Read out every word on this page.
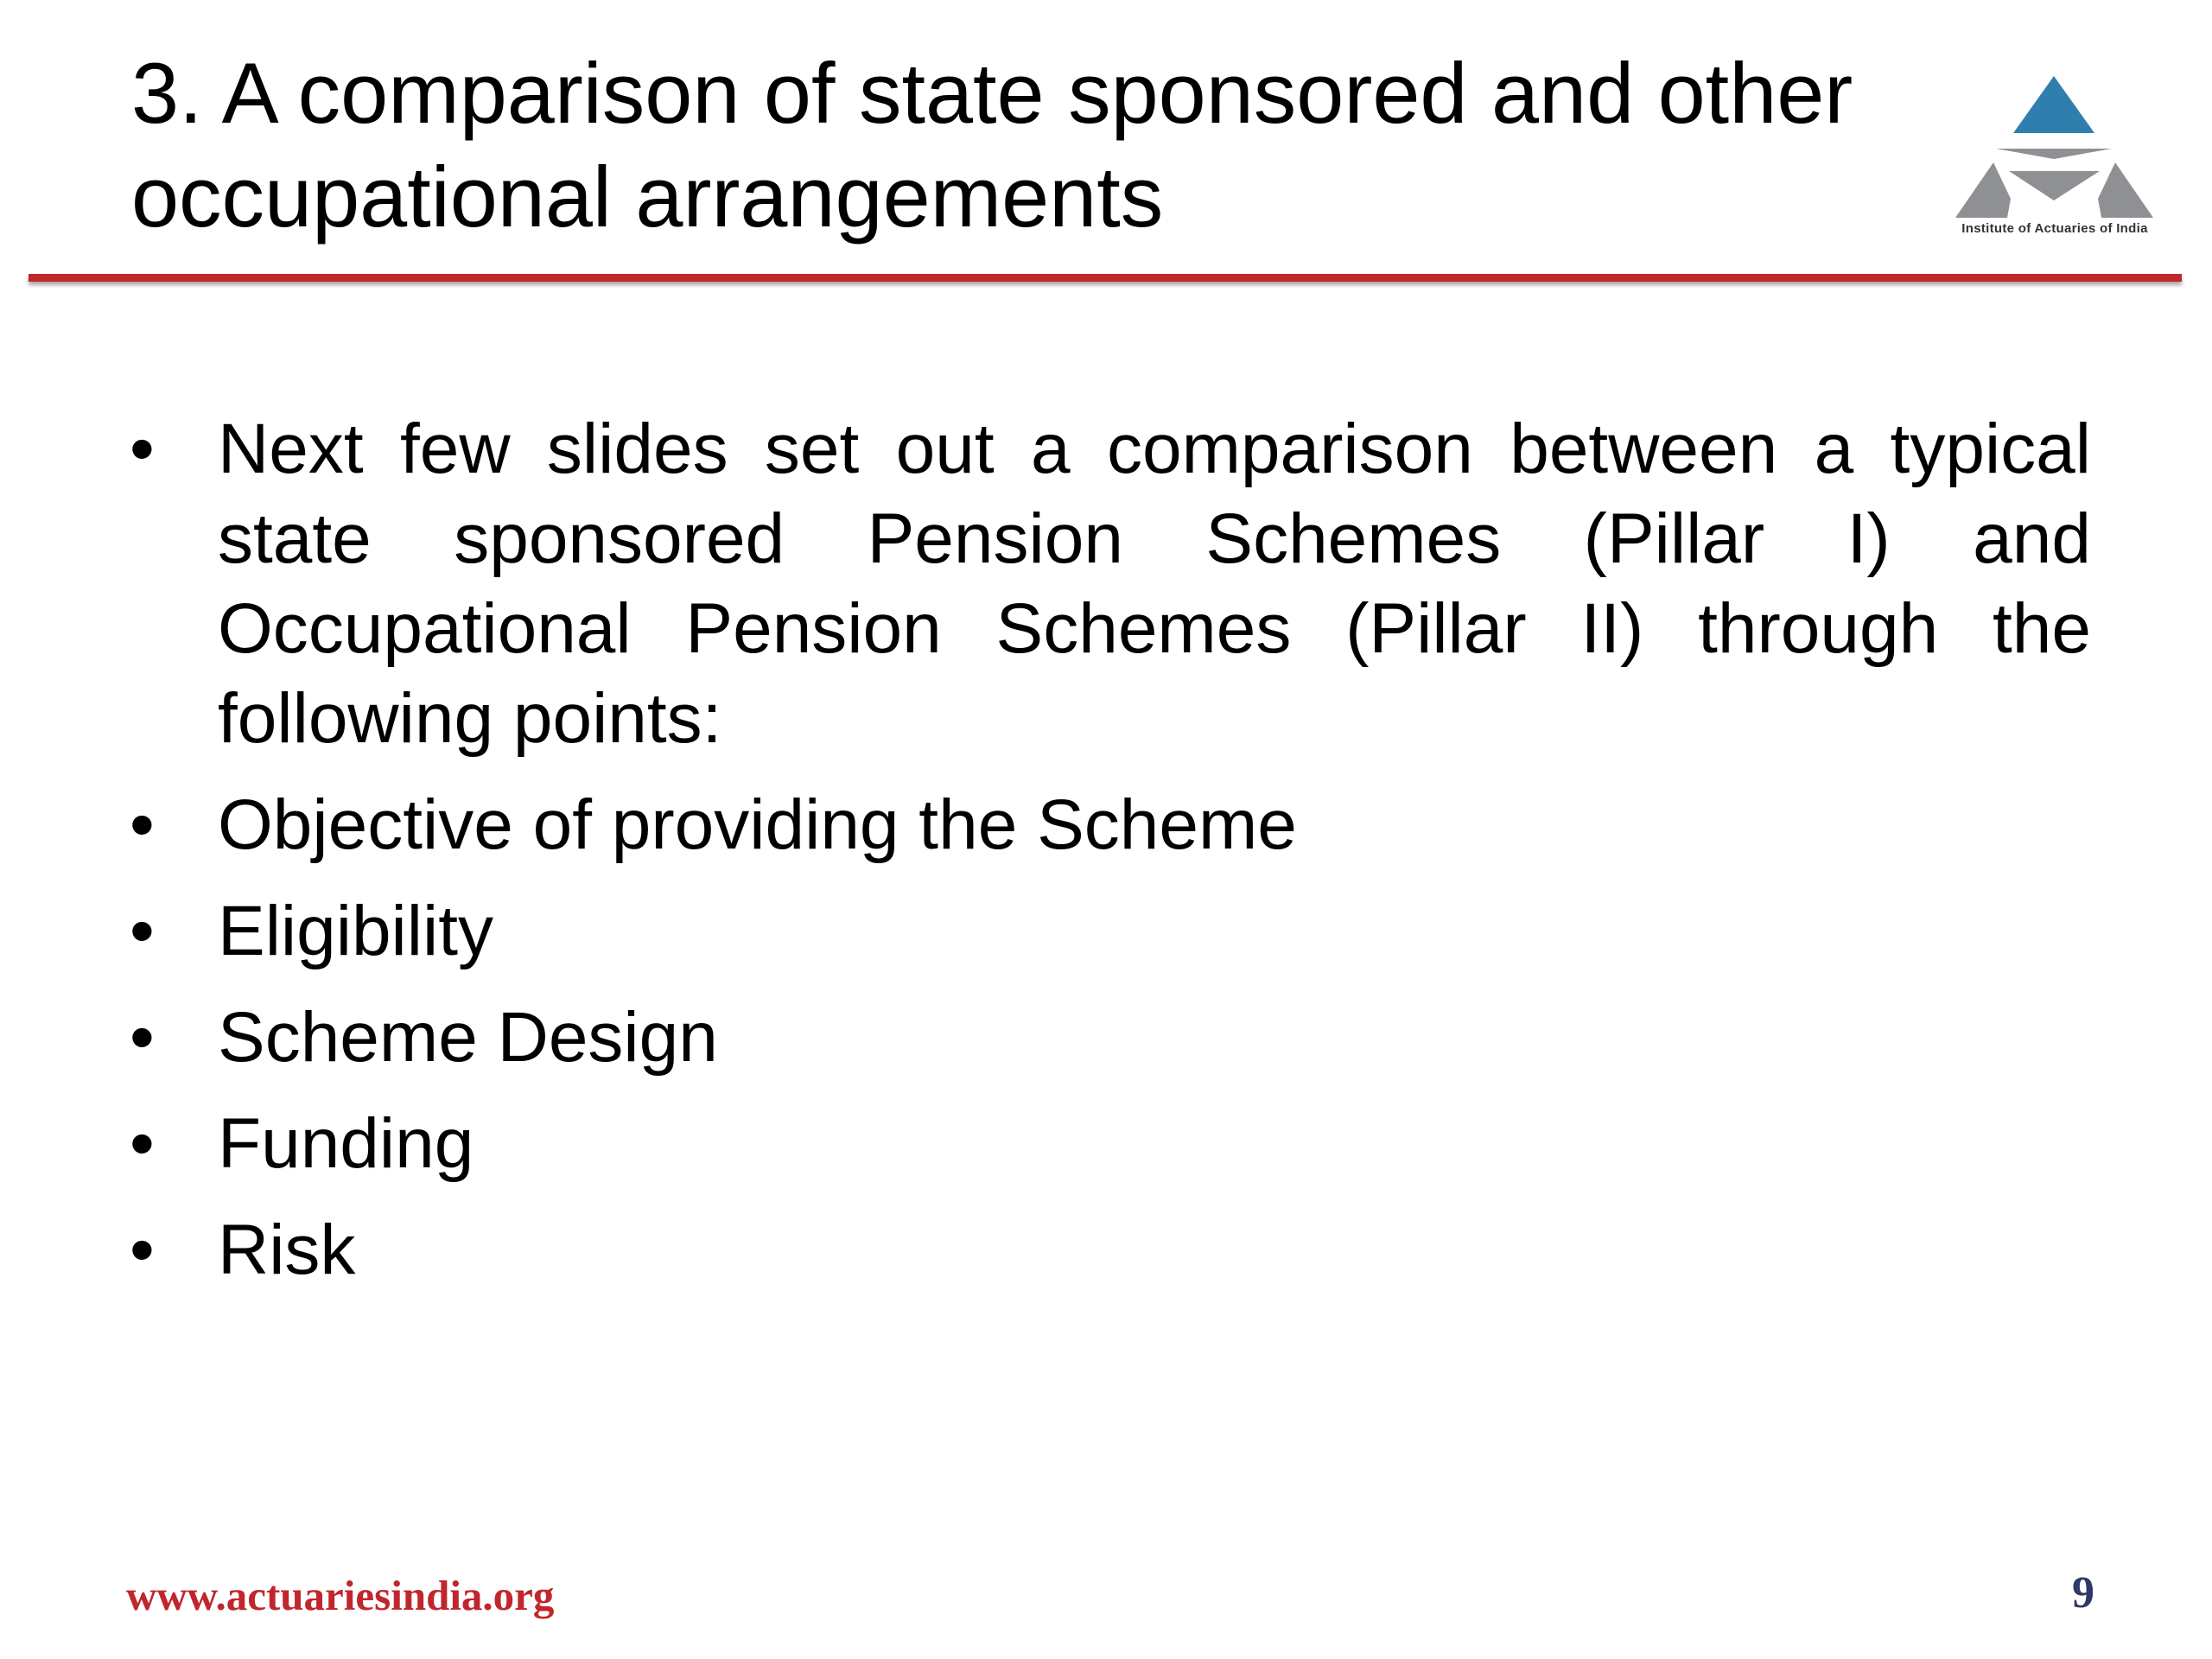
3. A comparison of state sponsored and other occupational arrangements	Institute of Actuaries of India
• Next few slides set out a comparison between a typical state sponsored Pension Schemes (Pillar I) and Occupational Pension Schemes (Pillar II) through the following points:
• Objective of providing the Scheme
• Eligibility
• Scheme Design
• Funding
• Risk
www.actuariesindia.org	9
